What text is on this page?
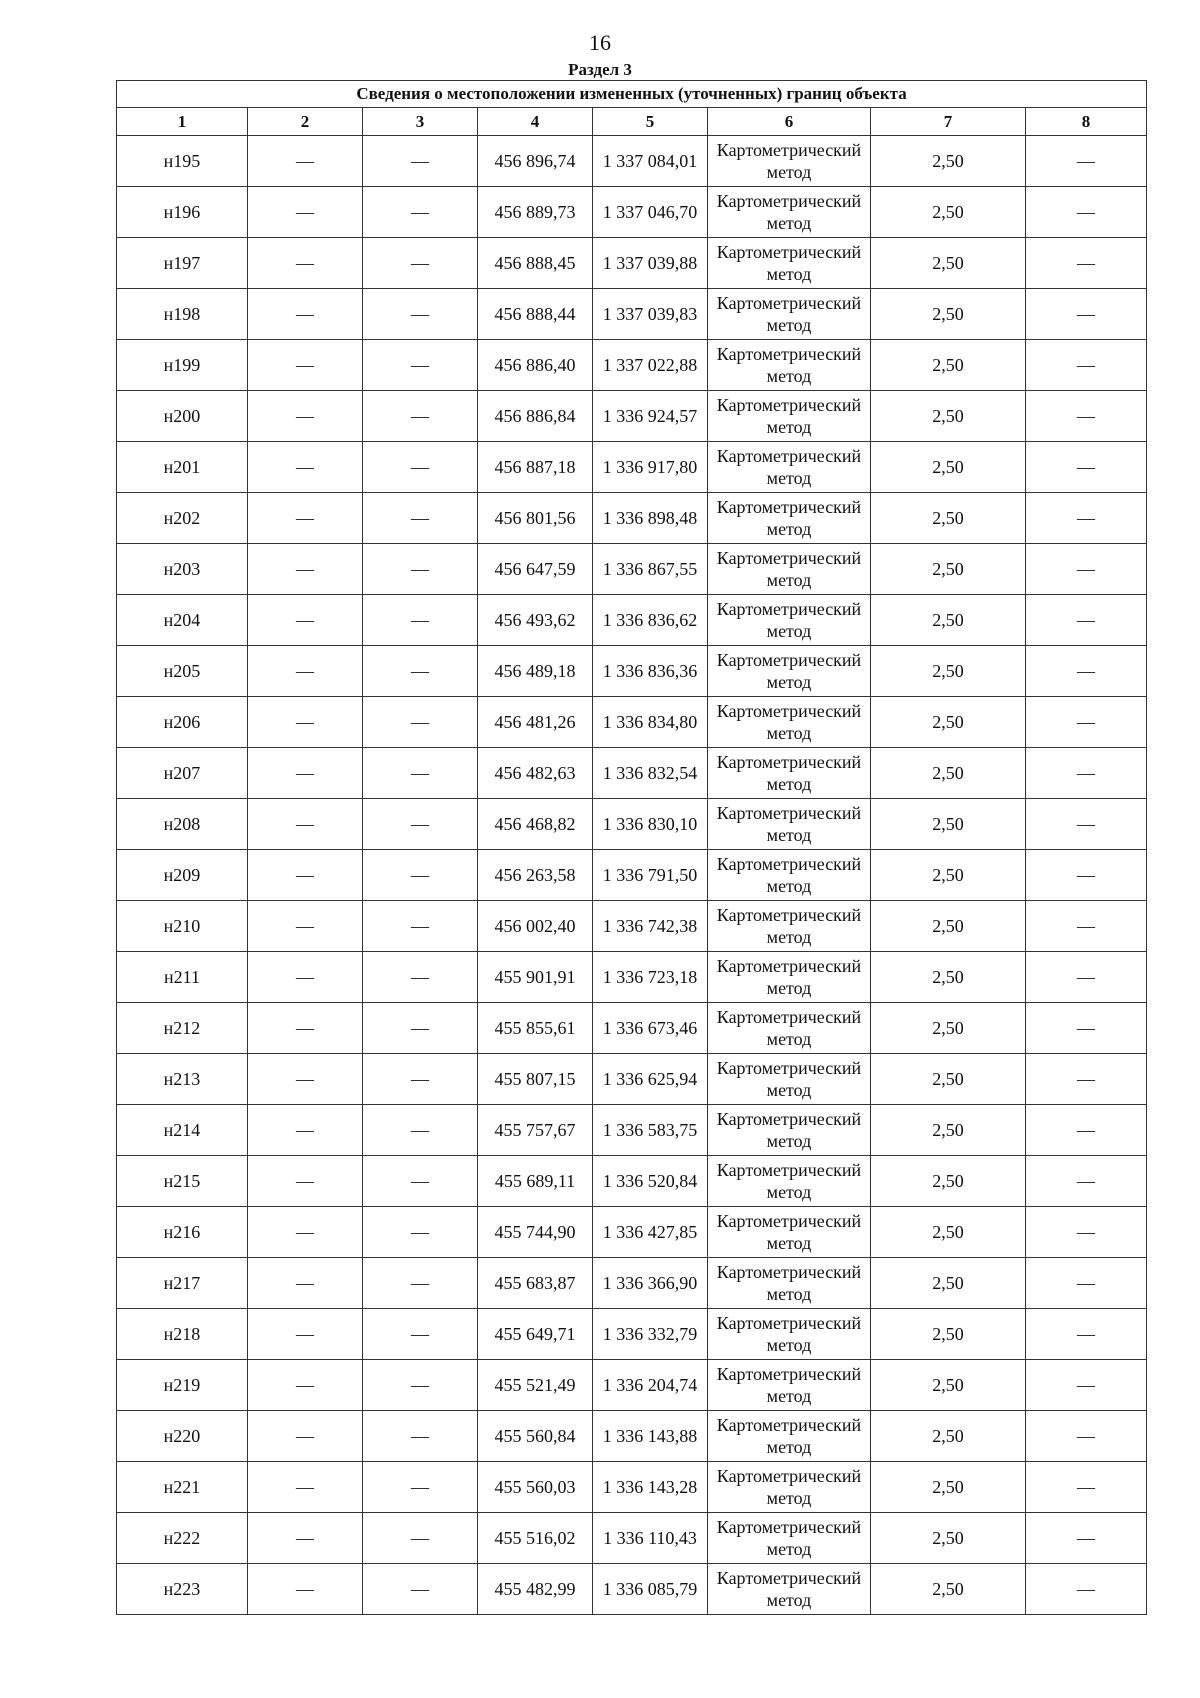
16
Раздел 3
Сведения о местоположении измененных (уточненных) границ объекта							
1	2	3	4	5	6	7	8
н195	—	—	456 896,74	1 337 084,01	Картометрический метод	2,50	—
н196	—	—	456 889,73	1 337 046,70	Картометрический метод	2,50	—
н197	—	—	456 888,45	1 337 039,88	Картометрический метод	2,50	—
н198	—	—	456 888,44	1 337 039,83	Картометрический метод	2,50	—
н199	—	—	456 886,40	1 337 022,88	Картометрический метод	2,50	—
н200	—	—	456 886,84	1 336 924,57	Картометрический метод	2,50	—
н201	—	—	456 887,18	1 336 917,80	Картометрический метод	2,50	—
н202	—	—	456 801,56	1 336 898,48	Картометрический метод	2,50	—
н203	—	—	456 647,59	1 336 867,55	Картометрический метод	2,50	—
н204	—	—	456 493,62	1 336 836,62	Картометрический метод	2,50	—
н205	—	—	456 489,18	1 336 836,36	Картометрический метод	2,50	—
н206	—	—	456 481,26	1 336 834,80	Картометрический метод	2,50	—
н207	—	—	456 482,63	1 336 832,54	Картометрический метод	2,50	—
н208	—	—	456 468,82	1 336 830,10	Картометрический метод	2,50	—
н209	—	—	456 263,58	1 336 791,50	Картометрический метод	2,50	—
н210	—	—	456 002,40	1 336 742,38	Картометрический метод	2,50	—
н211	—	—	455 901,91	1 336 723,18	Картометрический метод	2,50	—
н212	—	—	455 855,61	1 336 673,46	Картометрический метод	2,50	—
н213	—	—	455 807,15	1 336 625,94	Картометрический метод	2,50	—
н214	—	—	455 757,67	1 336 583,75	Картометрический метод	2,50	—
н215	—	—	455 689,11	1 336 520,84	Картометрический метод	2,50	—
н216	—	—	455 744,90	1 336 427,85	Картометрический метод	2,50	—
н217	—	—	455 683,87	1 336 366,90	Картометрический метод	2,50	—
н218	—	—	455 649,71	1 336 332,79	Картометрический метод	2,50	—
н219	—	—	455 521,49	1 336 204,74	Картометрический метод	2,50	—
н220	—	—	455 560,84	1 336 143,88	Картометрический метод	2,50	—
н221	—	—	455 560,03	1 336 143,28	Картометрический метод	2,50	—
н222	—	—	455 516,02	1 336 110,43	Картометрический метод	2,50	—
н223	—	—	455 482,99	1 336 085,79	Картометрический метод	2,50	—
